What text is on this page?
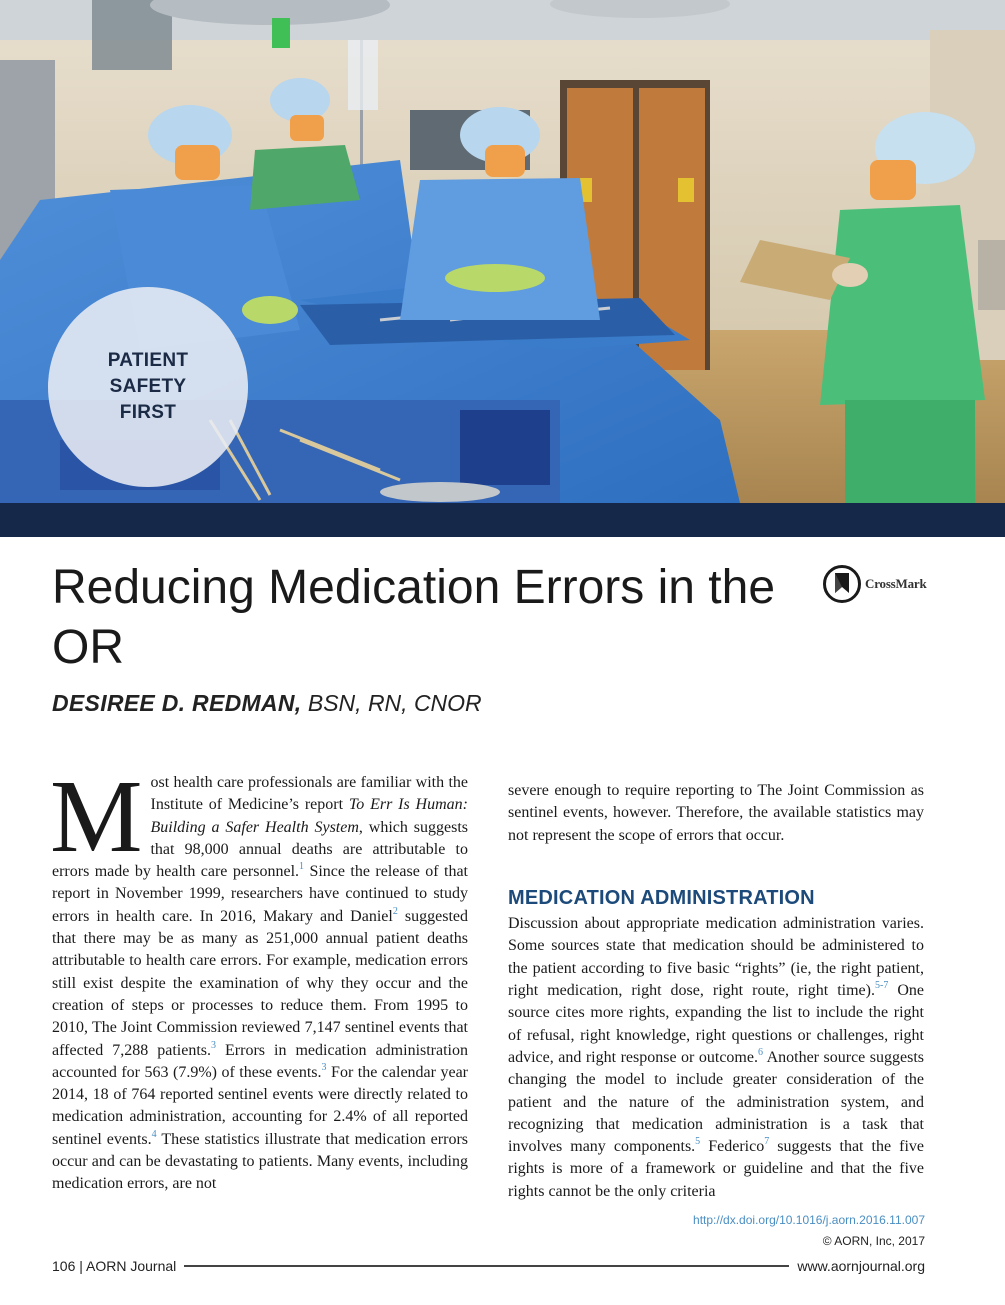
PATIENT
SAFETY
FIRST
Reducing Medication Errors in the OR
CrossMark
DESIREE D. REDMAN, BSN, RN, CNOR

Most health care professionals are familiar with the Institute of Medicine’s report To Err Is Human: Building a Safer Health System, which suggests that 98,000 annual deaths are attributable to errors made by health care personnel.$^1$ Since the release of that report in November 1999, researchers have continued to study errors in health care. In 2016, Makary and Daniel$^2$ suggested that there may be as many as 251,000 annual patient deaths attributable to health care errors. For example, medication errors still exist despite the examination of why they occur and the creation of steps or processes to reduce them. From 1995 to 2010, The Joint Commission reviewed 7,147 sentinel events that affected 7,288 patients.$^3$ Errors in medication administration accounted for 563 (7.9%) of these events.$^3$ For the calendar year 2014, 18 of 764 reported sentinel events were directly related to medication administration, accounting for 2.4% of all reported sentinel events.$^4$ These statistics illustrate that medication errors occur and can be devastating to patients. Many events, including medication errors, are not

severe enough to require reporting to The Joint Commission as sentinel events, however. Therefore, the available statistics may not represent the scope of errors that occur.

MEDICATION ADMINISTRATION

Discussion about appropriate medication administration varies. Some sources state that medication should be administered to the patient according to five basic “rights” (ie, the right patient, right medication, right dose, right route, right time).$^{5-7}$ One source cites more rights, expanding the list to include the right of refusal, right knowledge, right questions or challenges, right advice, and right response or outcome.$^6$ Another source suggests changing the model to include greater consideration of the patient and the nature of the administration system, and recognizing that medication administration is a task that involves many components.$^5$ Federico$^7$ suggests that the five rights is more of a framework or guideline and that the five rights cannot be the only criteria

http://dx.doi.org/10.1016/j.aorn.2016.11.007
© AORN, Inc, 2017
106 | AORN Journal	www.aornjournal.org
